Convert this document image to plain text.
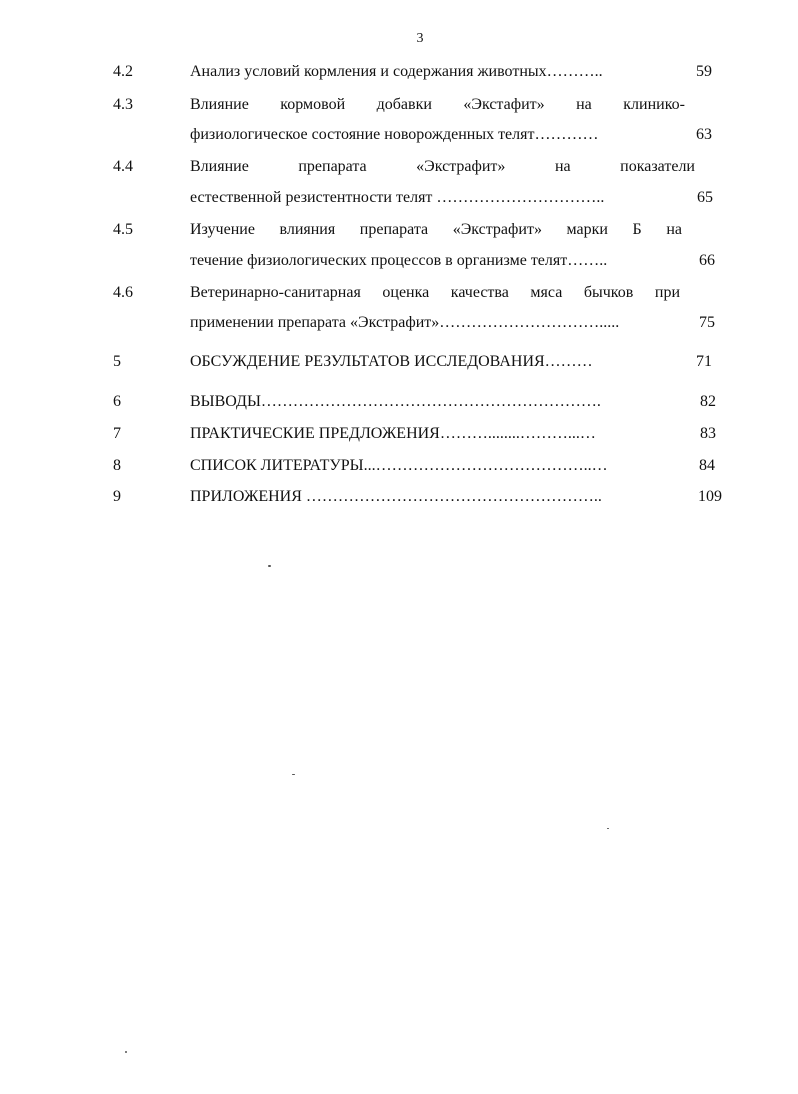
3
4.2	Анализ условий кормления и содержания животных………..	59
4.3	Влияние кормовой добавки «Экстафит» на клинико-
физиологическое состояние новорожденных телят…………	63
4.4	Влияние препарата «Экстрафит» на показатели
естественной резистентности телят …………………………..	65
4.5	Изучение влияния препарата «Экстрафит» марки Б на
течение физиологических процессов в организме телят……..	66
4.6	Ветеринарно-санитарная оценка качества мяса бычков при
применении препарата «Экстрафит»………………………….....	75
5	ОБСУЖДЕНИЕ РЕЗУЛЬТАТОВ ИССЛЕДОВАНИЯ………	71
6	ВЫВОДЫ……………………………………………………….	82
7	ПРАКТИЧЕСКИЕ ПРЕДЛОЖЕНИЯ………........………...…	83
8	СПИСОК ЛИТЕРАТУРЫ...…………………………………..…	84
9	ПРИЛОЖЕНИЯ ………………………………………………..	109
